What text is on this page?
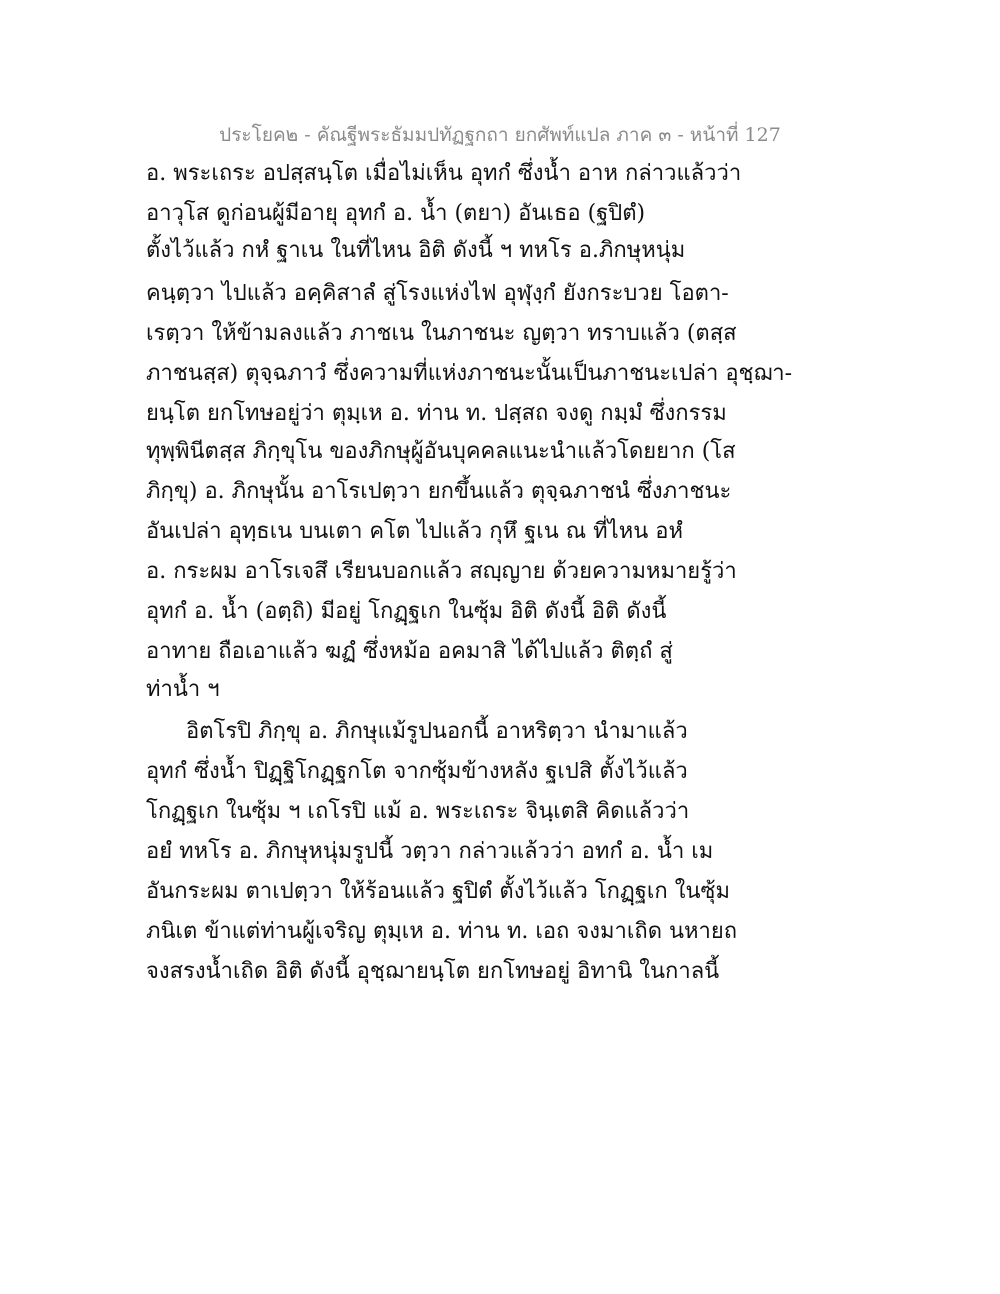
ประโยค๒ - คัณฐีพระธัมมปทัฏฐกถา ยกศัพท์แปล ภาค ๓ - หน้าที่ 127
อ. พระเถระ อปสฺสนฺโต เมื่อไม่เห็น อุทกํ ซึ่งน้ำ อาห กล่าวแล้วว่า
อาวุโส ดูก่อนผู้มีอายุ อุทกํ อ. น้ำ (ตยา) อันเธอ (ฐปิตํ)
ตั้งไว้แล้ว กหํ ฐาเน ในที่ไหน อิติ ดังนี้ ฯ ทหโร อ.ภิกษุหนุ่ม
คนฺตฺวา ไปแล้ว อคฺคิสาลํ สู่โรงแห่งไฟ อุฬุงฺกํ ยังกระบวย โอตา-
เรตฺวา ให้ข้ามลงแล้ว ภาชเน ในภาชนะ ญตฺวา ทราบแล้ว (ตสฺส
ภาชนสฺส) ตุจฺฉภาวํ ซึ่งความที่แห่งภาชนะนั้นเป็นภาชนะเปล่า อุชฺฌา-
ยนฺโต ยกโทษอยู่ว่า ตุมฺเห อ. ท่าน ท. ปสฺสถ จงดู กมฺมํ ซึ่งกรรม
ทุพฺพินีตสฺส ภิกฺขุโน ของภิกษุผู้อันบุคคลแนะนำแล้วโดยยาก (โส
ภิกฺขุ) อ. ภิกษุนั้น อาโรเปตฺวา ยกขึ้นแล้ว ตุจฺฉภาชนํ ซึ่งภาชนะ
อันเปล่า อุทฺธเน บนเตา คโต ไปแล้ว กุหึ ฐเน ณ ที่ไหน อหํ
อ. กระผม อาโรเจสึ เรียนบอกแล้ว สญฺญาย ด้วยความหมายรู้ว่า
อุทกํ อ. น้ำ (อตฺถิ) มีอยู่ โกฏฺฐเก ในซุ้ม อิติ ดังนี้ อิติ ดังนี้
อาทาย ถือเอาแล้ว ฆฏํ ซึ่งหม้อ อคมาสิ ได้ไปแล้ว ติตฺถํ สู่
ท่าน้ำ ฯ
อิตโรปิ ภิกฺขุ อ. ภิกษุแม้รูปนอกนี้ อาหริตฺวา นำมาแล้ว
อุทกํ ซึ่งน้ำ ปิฏฺฐิโกฏฺฐกโต จากซุ้มข้างหลัง ฐเปสิ ตั้งไว้แล้ว
โกฏฺฐเก ในซุ้ม ฯ เถโรปิ แม้ อ. พระเถระ จินฺเตสิ คิดแล้วว่า
อยํ ทหโร อ. ภิกษุหนุ่มรูปนี้ วตฺวา กล่าวแล้วว่า อทกํ อ. น้ำ เม
อันกระผม ตาเปตฺวา ให้ร้อนแล้ว ฐปิตํ ตั้งไว้แล้ว โกฏฺฐเก ในซุ้ม
ภนิเต ข้าแต่ท่านผู้เจริญ ตุมฺเห อ. ท่าน ท. เอถ จงมาเถิด นหายถ
จงสรงน้ำเถิด อิติ ดังนี้ อุชฺฌายนฺโต ยกโทษอยู่ อิทานิ ในกาลนี้
